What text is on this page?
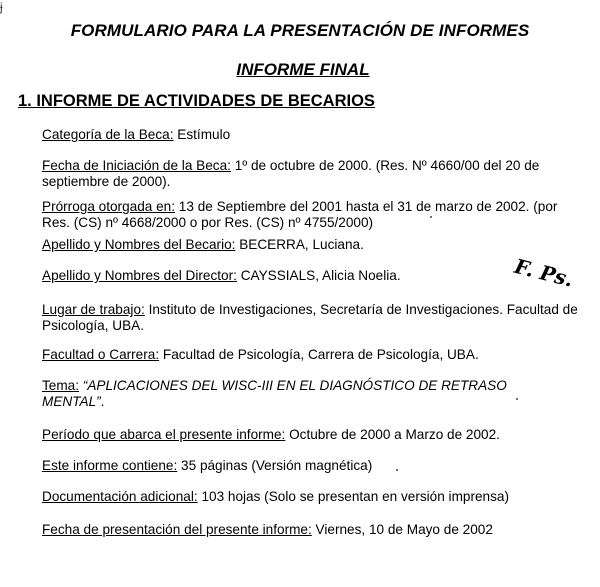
ɉ
FORMULARIO PARA LA PRESENTACIÓN DE INFORMES
INFORME FINAL
1. INFORME DE ACTIVIDADES DE BECARIOS
Categoría de la Beca: Estímulo
Fecha de Iniciación de la Beca: 1º de octubre de 2000. (Res. Nº 4660/00 del 20 de septiembre de 2000).
Prórroga otorgada en: 13 de Septiembre del 2001 hasta el 31 de marzo de 2002. (por Res. (CS) nº 4668/2000 o por Res. (CS) nº 4755/2000)
Apellido y Nombres del Becario: BECERRA, Luciana.
Apellido y Nombres del Director: CAYSSIALS, Alicia Noelia.
Lugar de trabajo: Instituto de Investigaciones, Secretaría de Investigaciones. Facultad de Psicología, UBA.
Facultad o Carrera: Facultad de Psicología, Carrera de Psicología, UBA.
Tema: “APLICACIONES DEL WISC-III EN EL DIAGNÓSTICO DE RETRASO MENTAL”.
Período que abarca el presente informe: Octubre de 2000 a Marzo de 2002.
Este informe contiene: 35 páginas (Versión magnética)
Documentación adicional: 103 hojas (Solo se presentan en versión imprensa)
Fecha de presentación del presente informe: Viernes, 10 de Mayo de 2002
F. Ps.
